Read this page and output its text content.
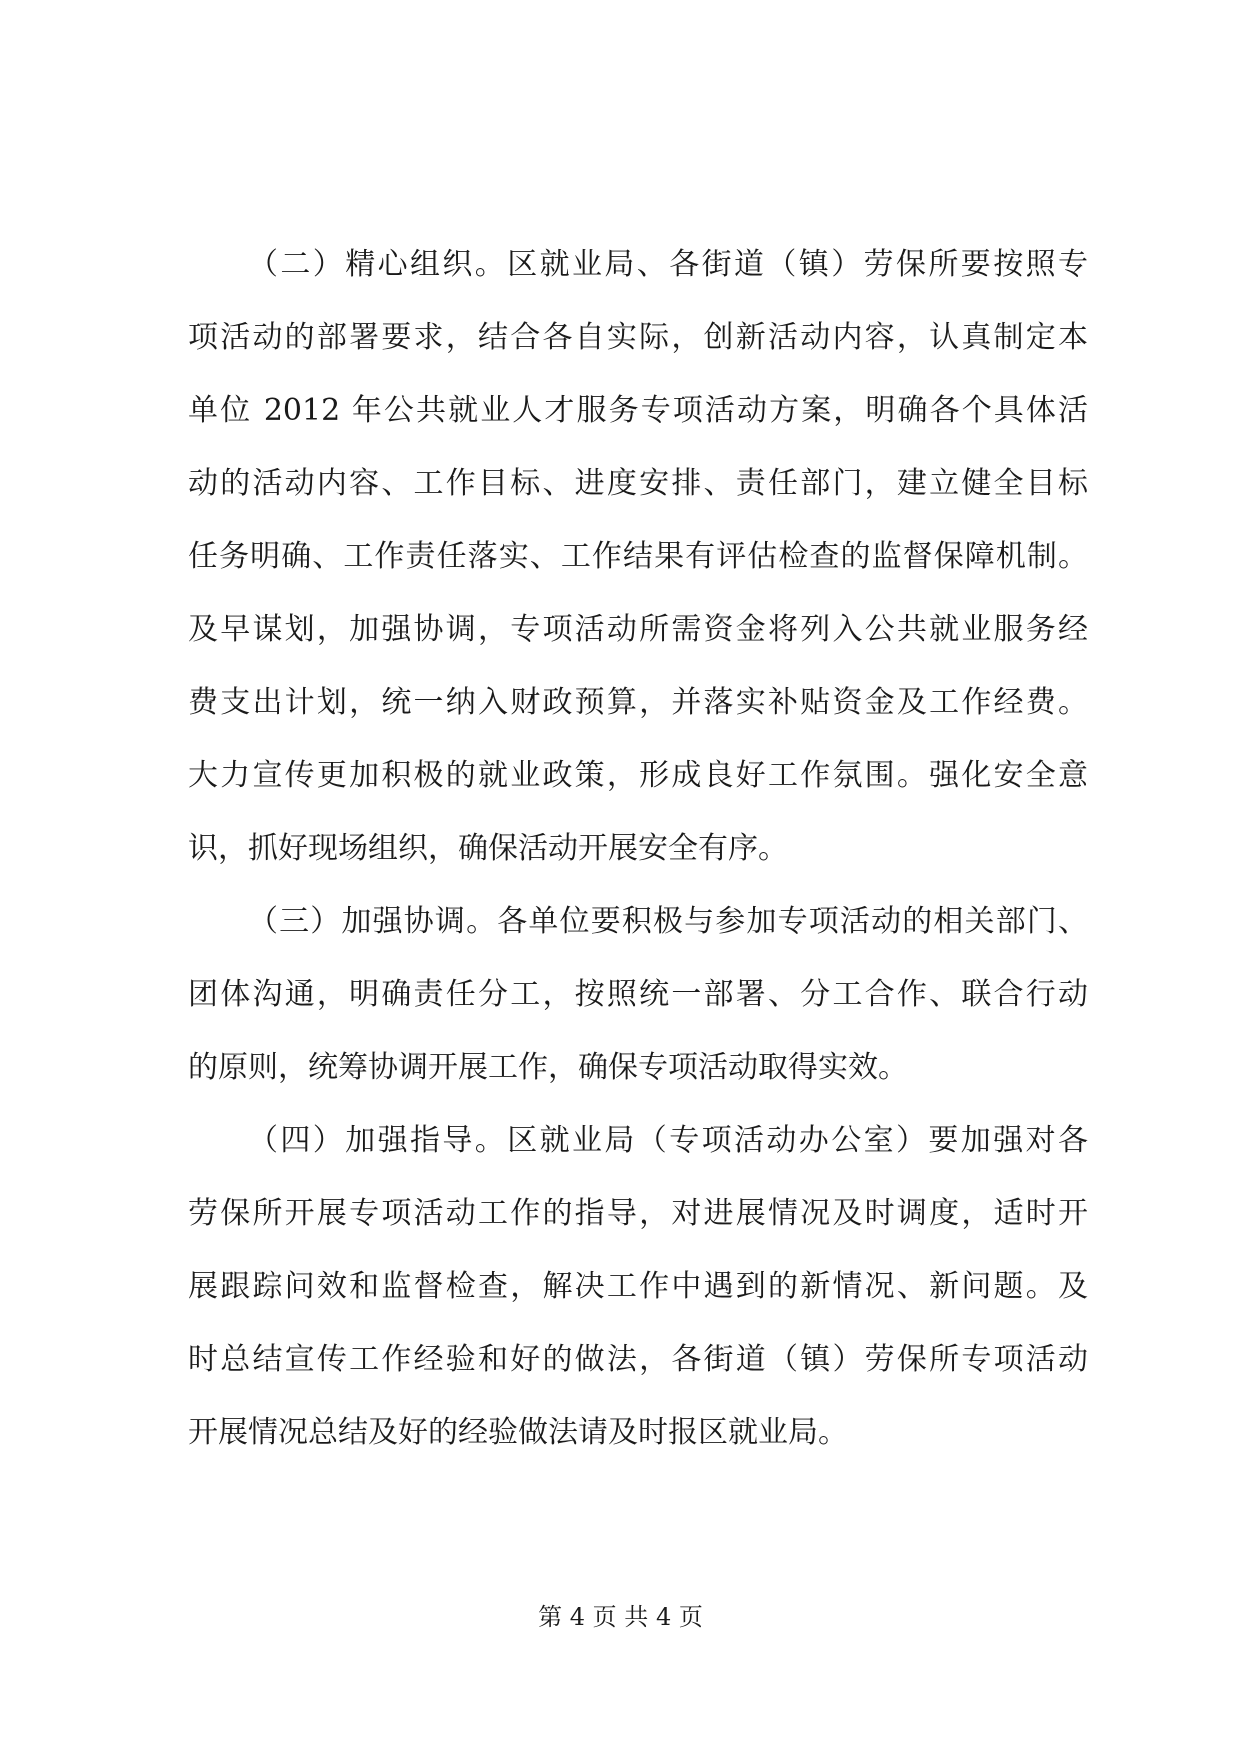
（二）精心组织。区就业局、各街道（镇）劳保所要按照专
项活动的部署要求，结合各自实际，创新活动内容，认真制定本
单位 2012 年公共就业人才服务专项活动方案，明确各个具体活
动的活动内容、工作目标、进度安排、责任部门，建立健全目标
任务明确、工作责任落实、工作结果有评估检查的监督保障机制。
及早谋划，加强协调，专项活动所需资金将列入公共就业服务经
费支出计划，统一纳入财政预算，并落实补贴资金及工作经费。
大力宣传更加积极的就业政策，形成良好工作氛围。强化安全意
识，抓好现场组织，确保活动开展安全有序。
（三）加强协调。各单位要积极与参加专项活动的相关部门、
团体沟通，明确责任分工，按照统一部署、分工合作、联合行动
的原则，统筹协调开展工作，确保专项活动取得实效。
（四）加强指导。区就业局（专项活动办公室）要加强对各
劳保所开展专项活动工作的指导，对进展情况及时调度，适时开
展跟踪问效和监督检查，解决工作中遇到的新情况、新问题。及
时总结宣传工作经验和好的做法，各街道（镇）劳保所专项活动
开展情况总结及好的经验做法请及时报区就业局。
第 4 页 共 4 页
